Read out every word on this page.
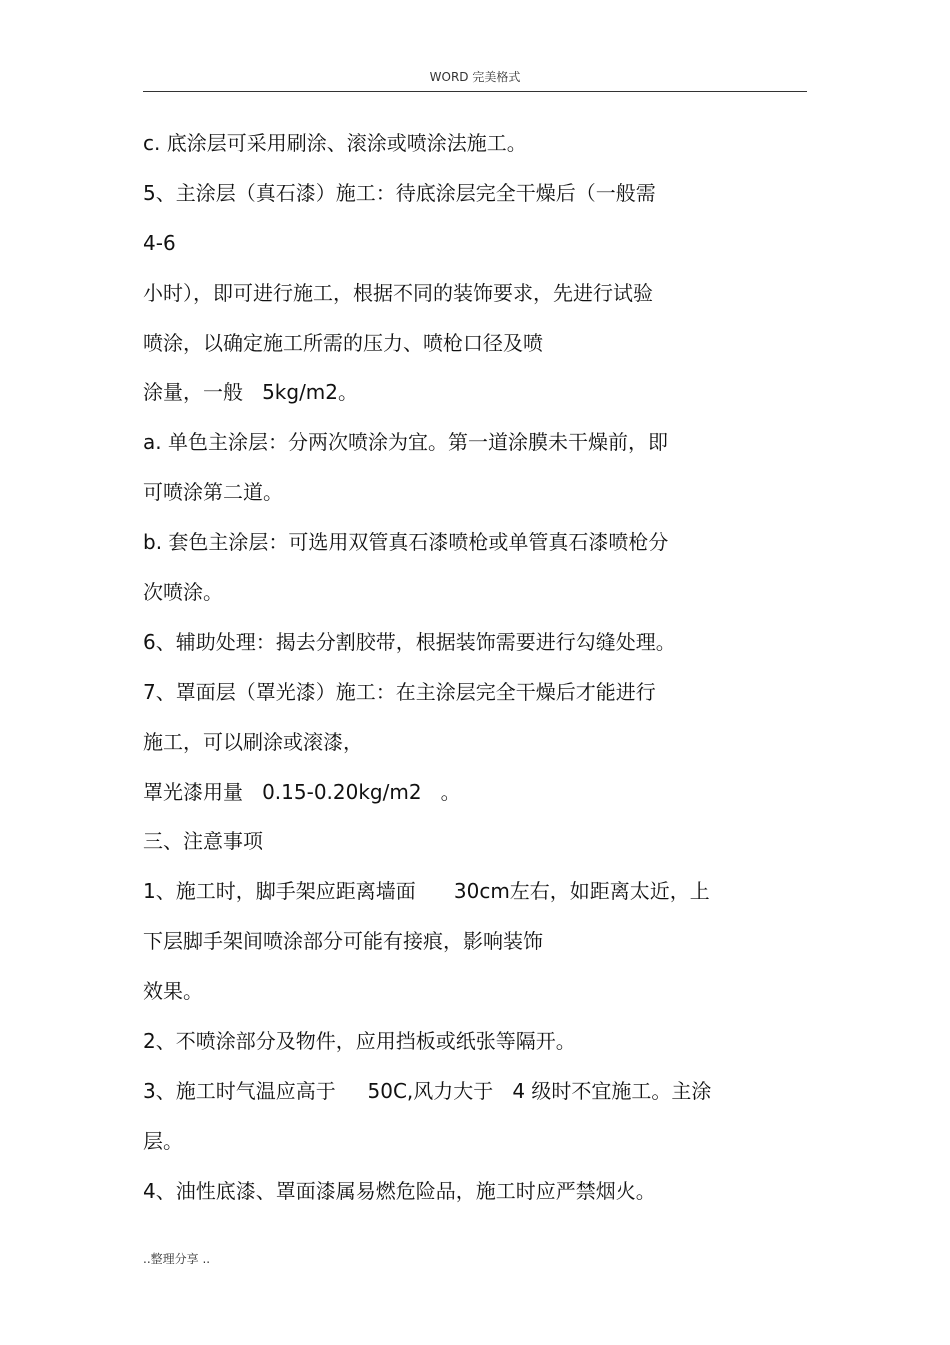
WORD 完美格式
c. 底涂层可采用刷涂、滚涂或喷涂法施工。
5、主涂层（真石漆）施工：待底涂层完全干燥后（一般需
4-6
小时），即可进行施工，根据不同的装饰要求，先进行试验
喷涂，以确定施工所需的压力、喷枪口径及喷
涂量，一般   5kg/m2。
a. 单色主涂层：分两次喷涂为宜。第一道涂膜未干燥前，即
可喷涂第二道。
b. 套色主涂层：可选用双管真石漆喷枪或单管真石漆喷枪分
次喷涂。
6、辅助处理：揭去分割胶带，根据装饰需要进行勾缝处理。
7、罩面层（罩光漆）施工：在主涂层完全干燥后才能进行
施工，可以刷涂或滚漆，
罩光漆用量   0.15-0.20kg/m2   。
三、注意事项
1、施工时，脚手架应距离墙面      30cm左右，如距离太近，上
下层脚手架间喷涂部分可能有接痕，影响装饰
效果。
2、不喷涂部分及物件，应用挡板或纸张等隔开。
3、施工时气温应高于     50C,风力大于   4 级时不宜施工。主涂
层。
4、油性底漆、罩面漆属易燃危险品，施工时应严禁烟火。
..整理分享 ..
